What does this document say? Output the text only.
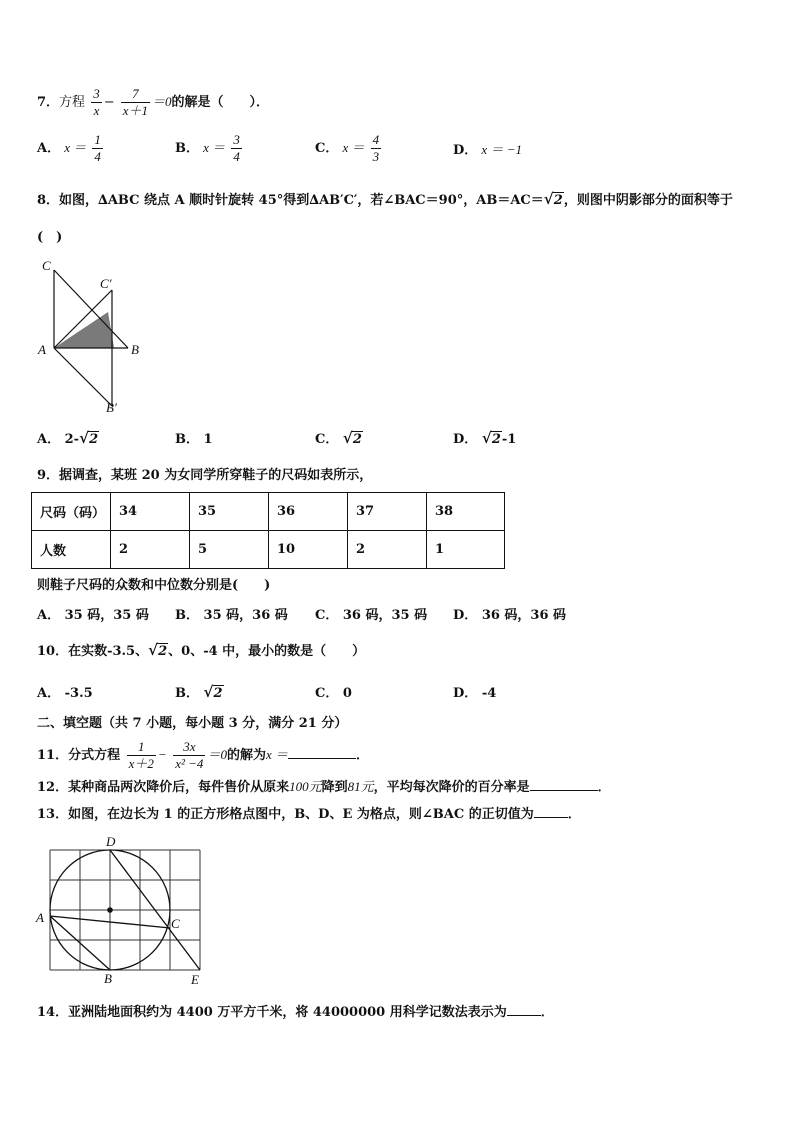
7．方程 $\frac{3}{x} - \frac{7}{x+1} =0$的解是（　　）．
A． $x = \frac{1}{4}$	B． $x = \frac{3}{4}$	C． $x = \frac{4}{3}$	D． x ＝ −1
8．如图，∆ABC 绕点 A 顺时针旋转 45°得到∆AB′C′，若∠BAC＝90°，AB＝AC＝ √ 2，则图中阴影部分的面积等于
(　)
C
C′
A	B
B′
A． 2- √ 2	B． 1	C． √ 2	D． √ 2-1
9．据调查，某班 20 为女同学所穿鞋子的尺码如表所示，
尺码（码）	34	35	36	37	38
人数	2	5	10	2	1
则鞋子尺码的众数和中位数分别是(　　)
A． 35 码，35 码 B． 35 码，36 码 C． 36 码，35 码 D． 36 码，36 码
10．在实数-3.5、 √ 2、0、-4 中，最小的数是（　　）
A． -3.5	B． √ 2	C． 0	D． -4
二、填空题（共 7 小题，每小题 3 分，满分 21 分）
11．分式方程 $\frac{1}{x+2} - \frac{3x}{\text{x² −4}} =0$的解为x ＝	．
12．某种商品两次降价后，每件售价从原来100元降到81元，平均每次降价的百分率是	．
13．如图，在边长为 1 的正方形格点图中，B、D、E 为格点，则∠BAC 的正切值为	．
A
B
C
D
E
14．亚洲陆地面积约为 4400 万平方千米，将 44000000 用科学记数法表示为	．
